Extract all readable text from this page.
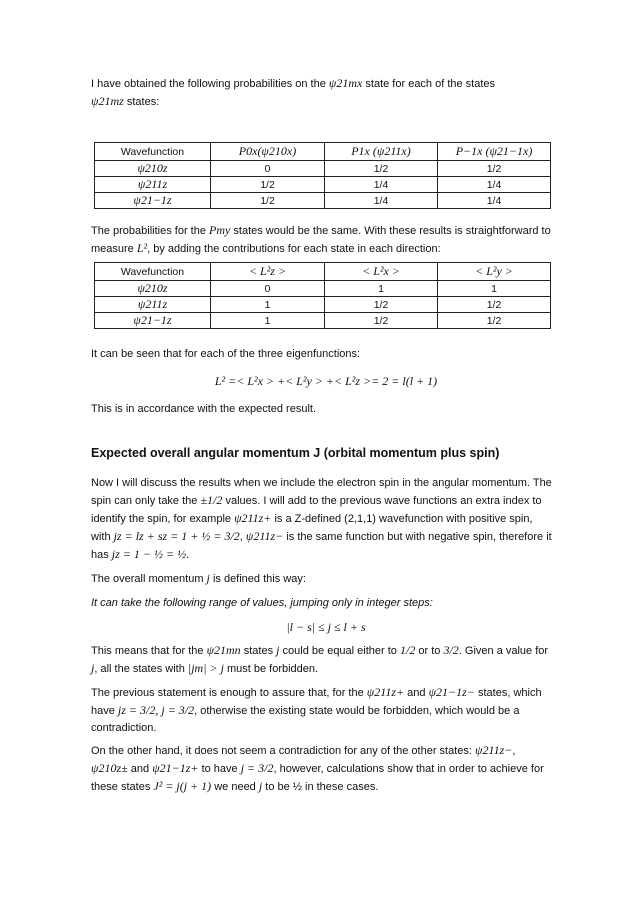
I have obtained the following probabilities on the ψ21mx state for each of the states
ψ21mz states:

Wavefunction	P0x(ψ210x)	P1x (ψ211x)	P−1x (ψ21−1x)
ψ210z	0	1/2	1/2
ψ211z	1/2	1/4	1/4
ψ21−1z	1/2	1/4	1/4

The probabilities for the Pmy states would be the same. With these results is straightforward to
measure L², by adding the contributions for each state in each direction:

Wavefunction	< L²z >	< L²x >	< L²y >
ψ210z	0	1	1
ψ211z	1	1/2	1/2
ψ21−1z	1	1/2	1/2

It can be seen that for each of the three eigenfunctions:

L² =< L²x > +< L²y > +< L²z >= 2 = l(l + 1)

This is in accordance with the expected result.

Expected overall angular momentum J (orbital momentum plus spin)

Now I will discuss the results when we include the electron spin in the angular momentum. The
spin can only take the ±1/2 values. I will add to the previous wave functions an extra index to
identify the spin, for example ψ211z+ is a Z-defined (2,1,1) wavefunction with positive spin,
with jz = lz + sz = 1 + ½ = 3/2, ψ211z− is the same function but with negative spin, therefore it
has jz = 1 − ½ = ½.

The overall momentum j is defined this way:

It can take the following range of values, jumping only in integer steps:

|l − s| ≤ j ≤ l + s

This means that for the ψ21mn states j could be equal either to 1/2 or to 3/2. Given a value for
j, all the states with |jm| > j must be forbidden.

The previous statement is enough to assure that, for the ψ211z+ and ψ21−1z− states, which
have jz = 3/2, j = 3/2, otherwise the existing state would be forbidden, which would be a
contradiction.

On the other hand, it does not seem a contradiction for any of the other states: ψ211z−,
ψ210z± and ψ21−1z+ to have j = 3/2, however, calculations show that in order to achieve for
these states J² = j(j + 1) we need j to be ½ in these cases.
